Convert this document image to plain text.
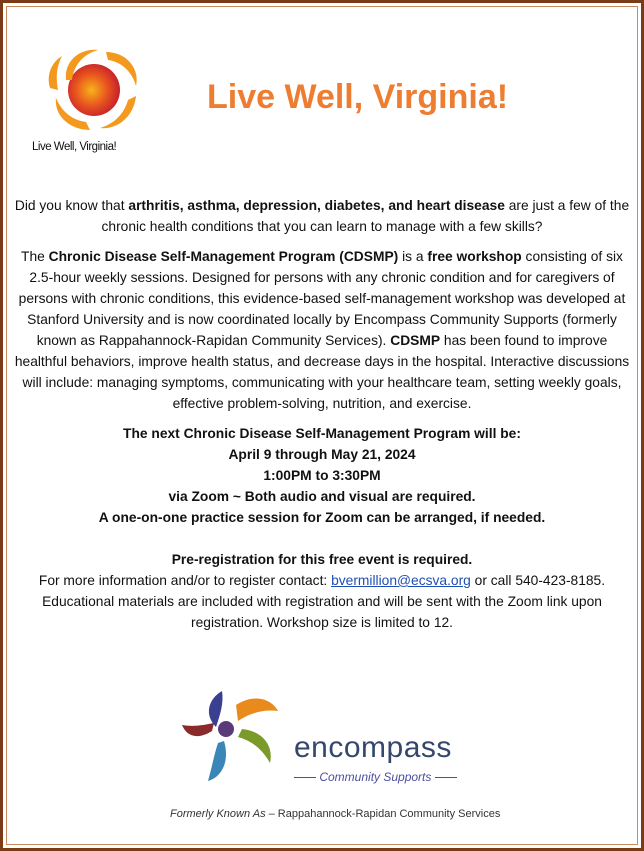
Live Well, Virginia!
Live Well, Virginia!

Did you know that arthritis, asthma, depression, diabetes, and heart disease are just a few of the chronic health conditions that you can learn to manage with a few skills?

The Chronic Disease Self-Management Program (CDSMP) is a free workshop consisting of six 2.5-hour weekly sessions. Designed for persons with any chronic condition and for caregivers of persons with chronic conditions, this evidence-based self-management workshop was developed at Stanford University and is now coordinated locally by Encompass Community Supports (formerly known as Rappahannock-Rapidan Community Services). CDSMP has been found to improve healthful behaviors, improve health status, and decrease days in the hospital. Interactive discussions will include: managing symptoms, communicating with your healthcare team, setting weekly goals, effective problem-solving, nutrition, and exercise.

The next Chronic Disease Self-Management Program will be:

April 9 through May 21, 2024

1:00PM to 3:30PM

via Zoom ~ Both audio and visual are required.

A one-on-one practice session for Zoom can be arranged, if needed.

Pre-registration for this free event is required.

For more information and/or to register contact: bvermillion@ecsva.org or call 540-423-8185.

Educational materials are included with registration and will be sent with the Zoom link upon registration. Workshop size is limited to 12.

encompass
Community Supports
Formerly Known As – Rappahannock-Rapidan Community Services
